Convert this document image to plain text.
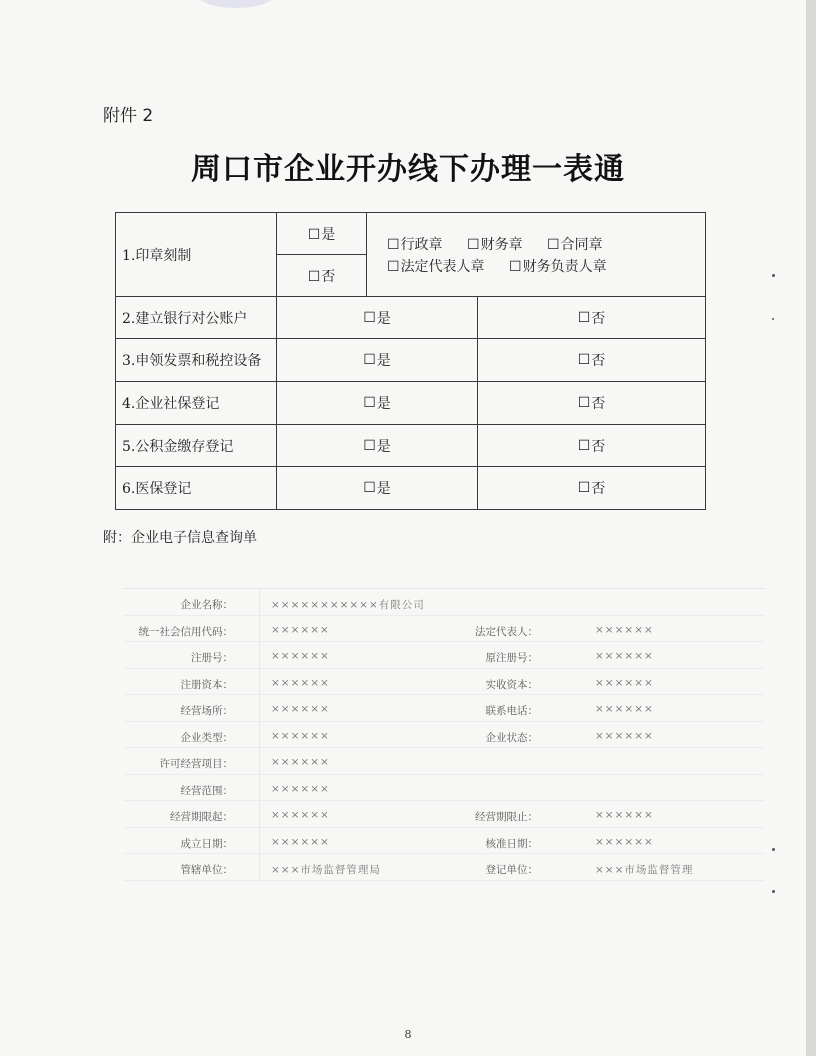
附件 2
周口市企业开办线下办理一表通
1.印章刻制	☐是	☐行政章 ☐财务章 ☐合同章
☐法定代表人章 ☐财务负责人章

	☐否	
2.建立银行对公账户	☐ 是 ☐ 否	

3.申领发票和税控设备	☐ 是 ☐ 否	

4.企业社保登记	☐ 是 ☐ 否	

5.公积金缴存登记	☐ 是 ☐ 否	

6.医保登记	☐ 是 ☐ 否	
附：企业电子信息查询单
企业名称：	×××××××××××有限公司
统一社会信用代码：	××××××	法定代表人：	××××××
注册号：	××××××	原注册号：	××××××
注册资本：	××××××	实收资本：	××××××
经营场所：	××××××	联系电话：	××××××
企业类型：	××××××	企业状态：	××××××
许可经营项目：	××××××
经营范围：	××××××
经营期限起：	××××××	经营期限止：	××××××
成立日期：	××××××	核准日期：	××××××
管辖单位：	×××市场监督管理局	登记单位：	×××市场监督管理
8
